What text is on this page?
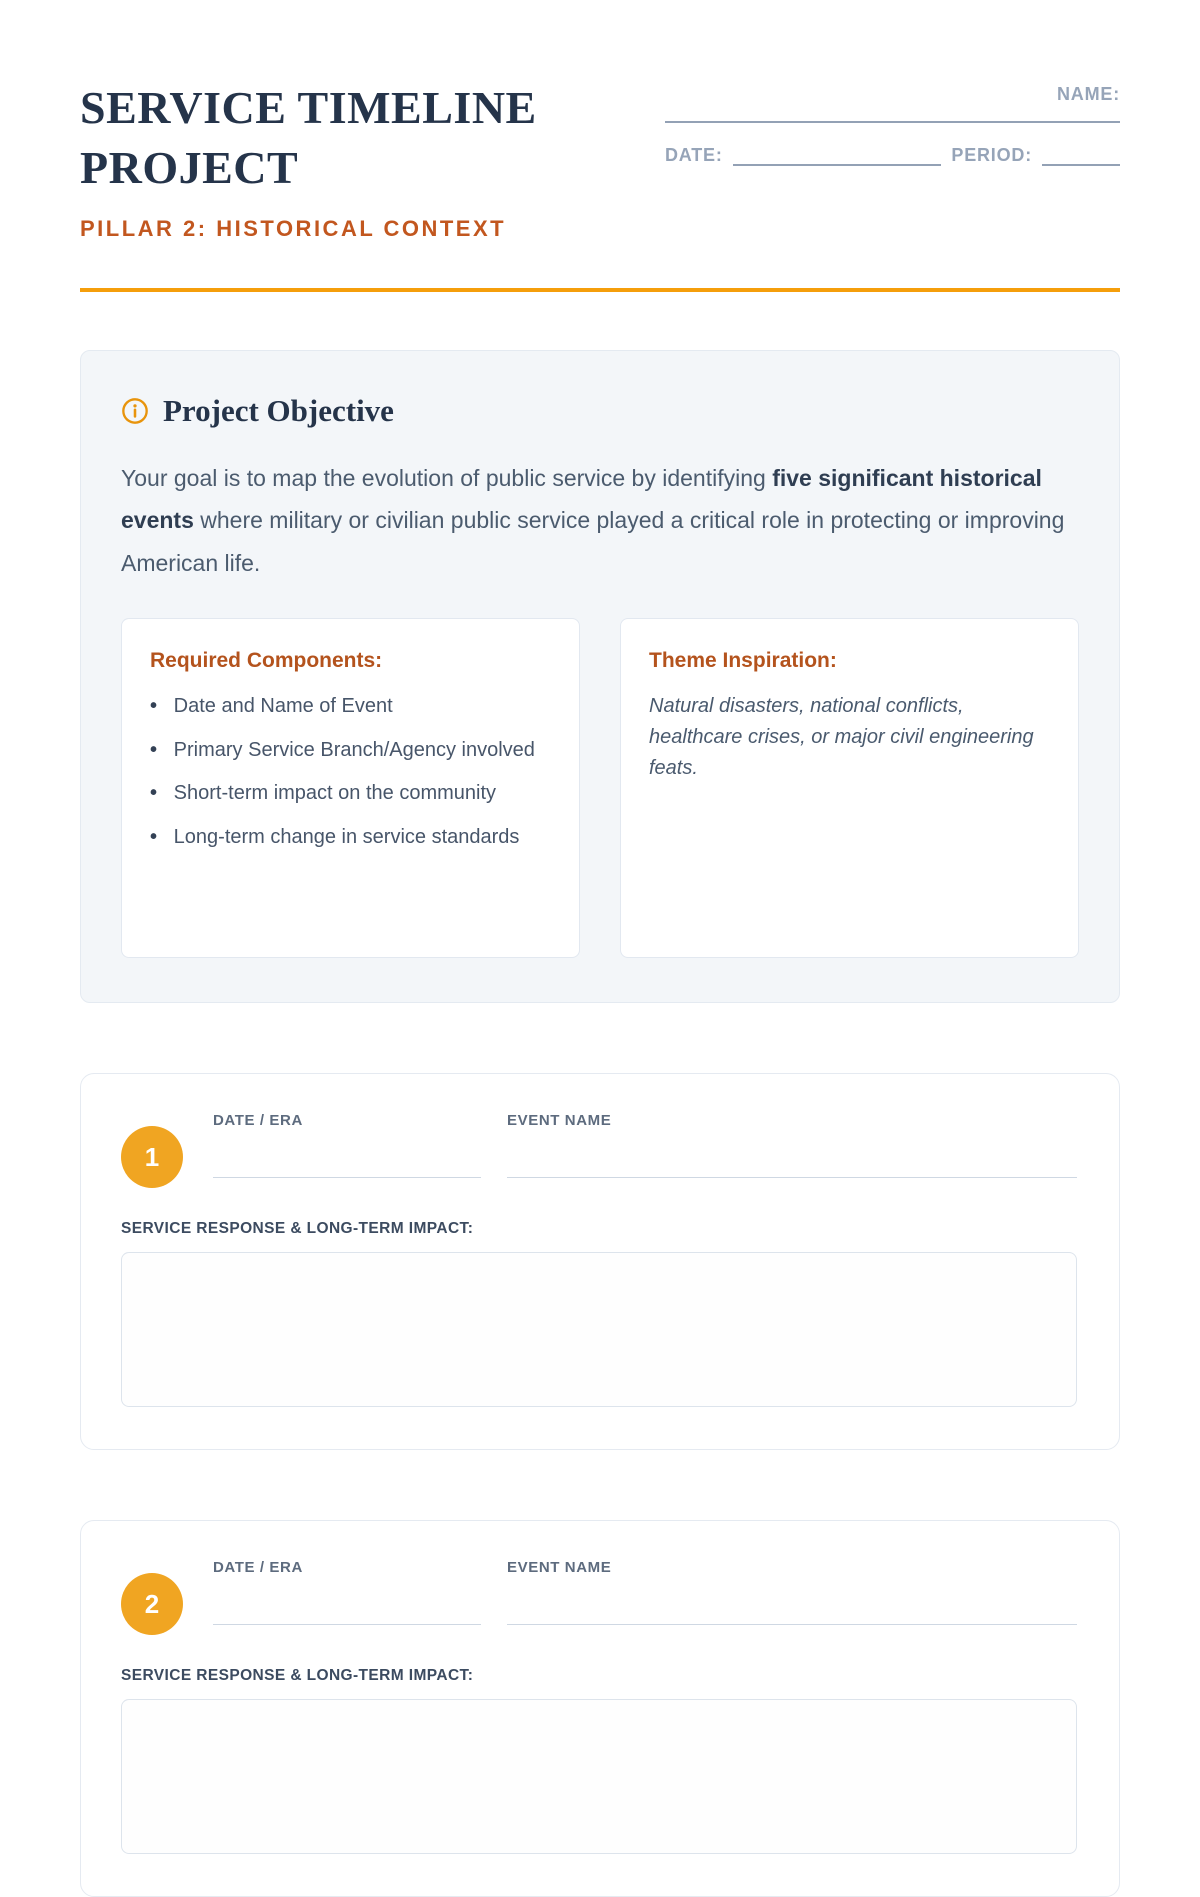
SERVICE TIMELINE
PROJECT
PILLAR 2: HISTORICAL CONTEXT
NAME:
DATE:	PERIOD:
Project Objective

Your goal is to map the evolution of public service by identifying five significant historical events where military or civilian public service played a critical role in protecting or improving American life.

Required Components:
•   Date and Name of Event
•   Primary Service Branch/Agency involved
•   Short-term impact on the community
•   Long-term change in service standards
Theme Inspiration:
Natural disasters, national conflicts, healthcare crises, or major civil engineering feats.
1
DATE / ERA	EVENT NAME
SERVICE RESPONSE & LONG-TERM IMPACT:
2
DATE / ERA	EVENT NAME
SERVICE RESPONSE & LONG-TERM IMPACT:
